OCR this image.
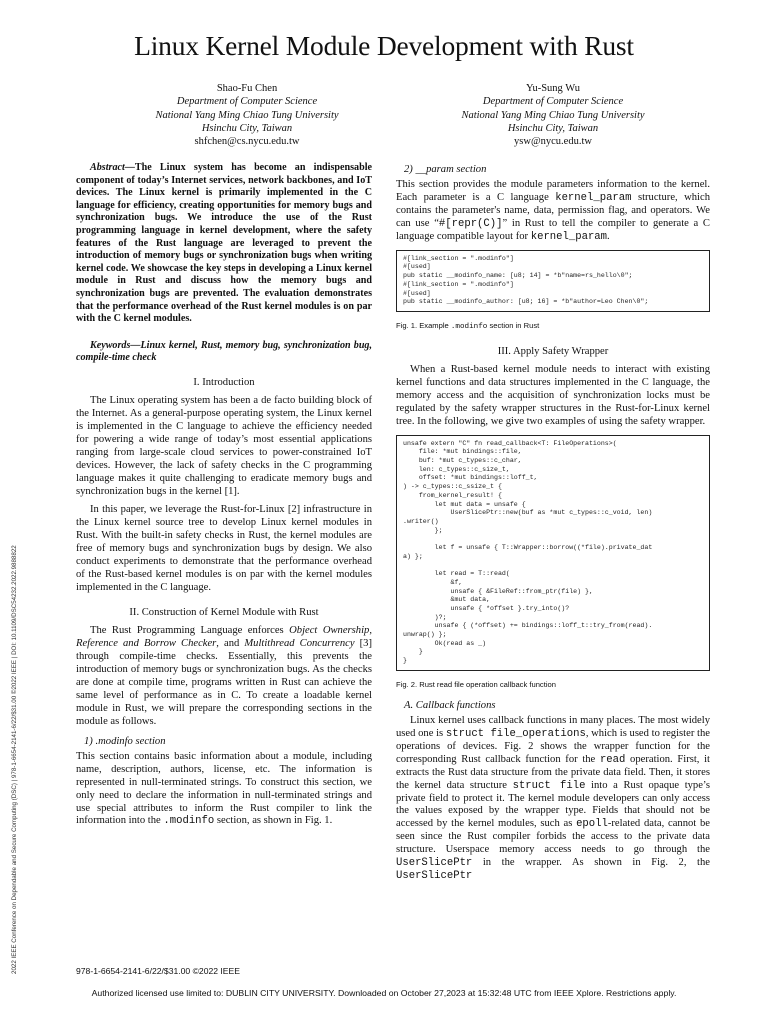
2022 IEEE Conference on Dependable and Secure Computing (DSC) | 978-1-6654-2141-6/22/$31.00 ©2022 IEEE | DOI: 10.1109/DSC54232.2022.9888822
Linux Kernel Module Development with Rust
Shao-Fu Chen
Department of Computer Science
National Yang Ming Chiao Tung University
Hsinchu City, Taiwan
shfchen@cs.nycu.edu.tw
Yu-Sung Wu
Department of Computer Science
National Yang Ming Chiao Tung University
Hsinchu City, Taiwan
ysw@nycu.edu.tw

Abstract—The Linux system has become an indispensable component of today’s Internet services, network backbones, and IoT devices. The Linux kernel is primarily implemented in the C language for efficiency, creating opportunities for memory bugs and synchronization bugs. We introduce the use of the Rust programming language in kernel development, where the safety features of the Rust language are leveraged to prevent the introduction of memory bugs or synchronization bugs when writing kernel code. We showcase the key steps in developing a Linux kernel module in Rust and discuss how the memory bugs and synchronization bugs are prevented. The evaluation demonstrates that the performance overhead of the Rust kernel modules is on par with the C kernel modules.

Keywords—Linux kernel, Rust, memory bug, synchronization bug, compile-time check

I. Introduction

The Linux operating system has been a de facto building block of the Internet. As a general-purpose operating system, the Linux kernel is implemented in the C language to achieve the efficiency needed for powering a wide range of today’s most essential applications ranging from large-scale cloud services to power-constrained IoT devices. However, the lack of safety checks in the C programming language makes it quite challenging to eradicate memory bugs and synchronization bugs in the kernel [1].

In this paper, we leverage the Rust-for-Linux [2] infrastructure in the Linux kernel source tree to develop Linux kernel modules in Rust. With the built-in safety checks in Rust, the kernel modules are free of memory bugs and synchronization bugs by design. We also conduct experiments to demonstrate that the performance overhead of the Rust-based kernel modules is on par with the kernel modules implemented in the C language.

II. Construction of Kernel Module with Rust

The Rust Programming Language enforces Object Ownership, Reference and Borrow Checker, and Multithread Concurrency [3] through compile-time checks. Essentially, this prevents the introduction of memory bugs or synchronization bugs. As the checks are done at compile time, programs written in Rust can achieve the same level of performance as in C. To create a loadable kernel module in Rust, we will prepare the corresponding sections in the module as follows.

1) .modinfo section

This section contains basic information about a module, including name, description, authors, license, etc. The information is represented in null-terminated strings. To construct this section, we only need to declare the information in null-terminated strings and use special attributes to inform the Rust compiler to link the information into the .modinfo section, as shown in Fig. 1.

2) __param section

This section provides the module parameters information to the kernel. Each parameter is a C language kernel_param structure, which contains the parameter's name, data, permission flag, and operators. We can use “#[repr(C)]” in Rust to tell the compiler to generate a C language compatible layout for kernel_param.

#[link_section = ".modinfo"]
#[used]
pub static __modinfo_name: [u8; 14] = *b"name=rs_hello\0";
#[link_section = ".modinfo"]
#[used]
pub static __modinfo_author: [u8; 16] = *b"author=Leo Chen\0";
Fig. 1. Example .modinfo section in Rust
III. Apply Safety Wrapper

When a Rust-based kernel module needs to interact with existing kernel functions and data structures implemented in the C language, the memory access and the acquisition of synchronization locks must be regulated by the safety wrapper structures in the Rust-for-Linux kernel tree. In the following, we give two examples of using the safety wrapper.

unsafe extern "C" fn read_callback<T: FileOperations>(
file: *mut bindings::file,
buf: *mut c_types::c_char,
len: c_types::c_size_t,
offset: *mut bindings::loff_t,
) -> c_types::c_ssize_t {
from_kernel_result! {
let mut data = unsafe {
UserSlicePtr::new(buf as *mut c_types::c_void, len)
.writer()
};

let f = unsafe { T::Wrapper::borrow((*file).private_dat
a) };

let read = T::read(
&f,
unsafe { &FileRef::from_ptr(file) },
&mut data,
unsafe { *offset }.try_into()?
)?;
unsafe { (*offset) += bindings::loff_t::try_from(read).
unwrap() };
Ok(read as _)
}
}
Fig. 2. Rust read file operation callback function
A. Callback functions

Linux kernel uses callback functions in many places. The most widely used one is struct file_operations, which is used to register the operations of devices. Fig. 2 shows the wrapper function for the corresponding Rust callback function for the read operation. First, it extracts the Rust data structure from the private data field. Then, it stores the kernel data structure struct file into a Rust opaque type’s private field to protect it. The kernel module developers can only access the values exposed by the wrapper type. Fields that should not be accessed by the kernel modules, such as epoll-related data, cannot be seen since the Rust compiler forbids the access to the private data structure. Userspace memory access needs to go through the UserSlicePtr in the wrapper. As shown in Fig. 2, the UserSlicePtr

978-1-6654-2141-6/22/$31.00 ©2022 IEEE
Authorized licensed use limited to: DUBLIN CITY UNIVERSITY. Downloaded on October 27,2023 at 15:32:48 UTC from IEEE Xplore. Restrictions apply.
